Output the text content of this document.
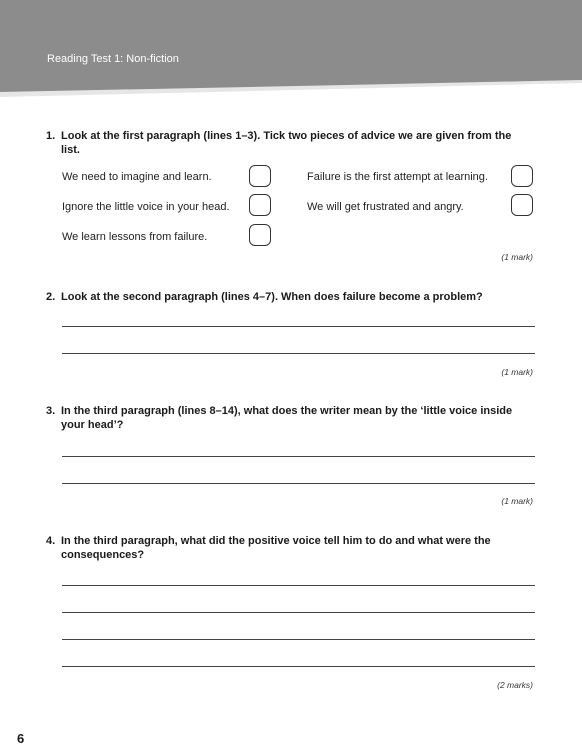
Reading Test 1: Non-fiction
1. Look at the first paragraph (lines 1–3). Tick two pieces of advice we are given from the list.
We need to imagine and learn.	Failure is the first attempt at learning.
Ignore the little voice in your head.	We will get frustrated and angry.
We learn lessons from failure.
(1 mark)
2. Look at the second paragraph (lines 4–7). When does failure become a problem?
(1 mark)
3. In the third paragraph (lines 8–14), what does the writer mean by the ‘little voice inside your head’?
(1 mark)
4. In the third paragraph, what did the positive voice tell him to do and what were the consequences?
(2 marks)
6
